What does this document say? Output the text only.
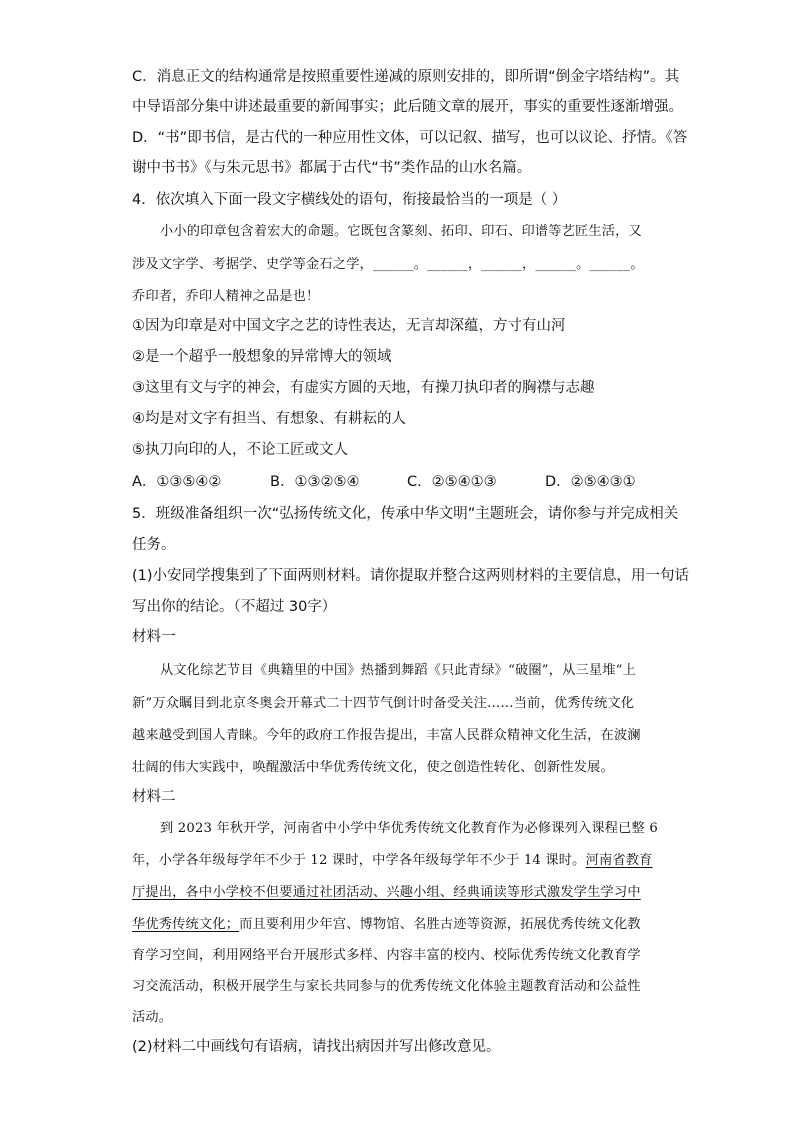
C．消息正文的结构通常是按照重要性递减的原则安排的，即所谓“倒金字塔结构”。其
中导语部分集中讲述最重要的新闻事实；此后随文章的展开，事实的重要性逐渐增强。
D．“书”即书信，是古代的一种应用性文体，可以记叙、描写，也可以议论、抒情。《答
谢中书书》《与朱元思书》都属于古代“书”类作品的山水名篇。
4．依次填入下面一段文字横线处的语句，衔接最恰当的一项是（ ）
小小的印章包含着宏大的命题。它既包含篆刻、拓印、印石、印谱等艺匠生活，又
涉及文字学、考据学、史学等金石之学，______。______，______，______。______。
乔印者，乔印人精神之品是也！
①因为印章是对中国文字之艺的诗性表达，无言却深蕴，方寸有山河
②是一个超乎一般想象的异常博大的领域
③这里有文与字的神会，有虚实方圆的天地，有操刀执印者的胸襟与志趣
④均是对文字有担当、有想象、有耕耘的人
⑤执刀向印的人，不论工匠或文人
A．①③⑤④②	B．①③②⑤④	C．②⑤④①③	D．②⑤④③①
5．班级准备组织一次“弘扬传统文化，传承中华文明”主题班会，请你参与并完成相关
任务。
(1)小安同学搜集到了下面两则材料。请你提取并整合这两则材料的主要信息，用一句话
写出你的结论。（不超过 30字）
材料一
从文化综艺节目《典籍里的中国》热播到舞蹈《只此青绿》“破圈”，从三星堆“上
新”万众瞩目到北京冬奥会开幕式二十四节气倒计时备受关注……当前，优秀传统文化
越来越受到国人青睐。今年的政府工作报告提出，丰富人民群众精神文化生活，在波澜
壮阔的伟大实践中，唤醒激活中华优秀传统文化，使之创造性转化、创新性发展。
材料二
到 2023 年秋开学，河南省中小学中华优秀传统文化教育作为必修课列入课程已整 6
年，小学各年级每学年不少于 12 课时，中学各年级每学年不少于 14 课时。河南省教育
厅提出，各中小学校不但要通过社团活动、兴趣小组、经典诵读等形式激发学生学习中
华优秀传统文化；而且要利用少年宫、博物馆、名胜古迹等资源，拓展优秀传统文化教
育学习空间，利用网络平台开展形式多样、内容丰富的校内、校际优秀传统文化教育学
习交流活动，积极开展学生与家长共同参与的优秀传统文化体验主题教育活动和公益性
活动。
(2)材料二中画线句有语病，请找出病因并写出修改意见。
